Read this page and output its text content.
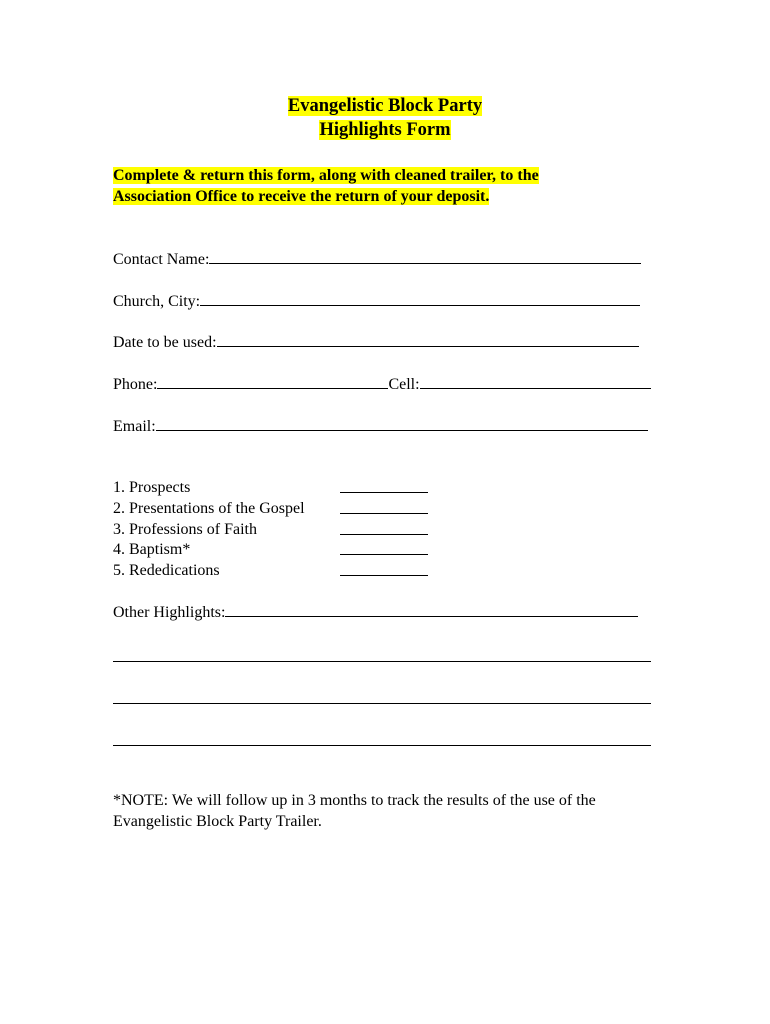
Evangelistic Block Party
Highlights Form
Complete & return this form, along with cleaned trailer, to the
Association Office to receive the return of your deposit.
Contact Name:
Church, City:
Date to be used:
Phone:	Cell:
Email:
1. Prospects
2. Presentations of the Gospel
3. Professions of Faith
4. Baptism*
5. Rededications
Other Highlights:
*NOTE: We will follow up in 3 months to track the results of the use of the
Evangelistic Block Party Trailer.
